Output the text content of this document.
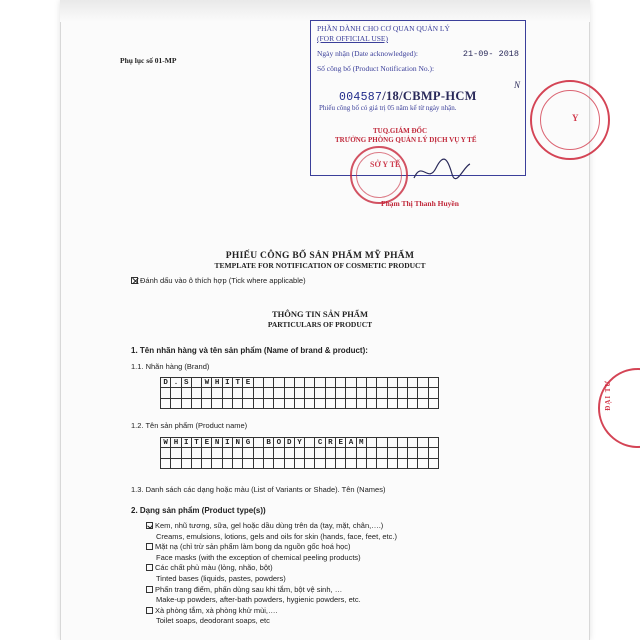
Phụ lục số 01-MP
PHẦN DÀNH CHO CƠ QUAN QUẢN LÝ
(FOR OFFICIAL USE)
Ngày nhận (Date acknowledged):	21-09- 2018
Số công bố (Product Notification No.):
004587/18/CBMP-HCM
Phiếu công bố có giá trị 05 năm kể từ ngày nhận.
TUQ.GIÁM ĐỐC
TRƯỞNG PHÒNG QUẢN LÝ DỊCH VỤ Y TẾ
Phạm Thị Thanh Huyền
SỞ Y TẾ
N
Y
ĐẠI TƯ
PHIẾU CÔNG BỐ SẢN PHẨM MỸ PHẨM
TEMPLATE FOR NOTIFICATION OF COSMETIC PRODUCT
Đánh dấu vào ô thích hợp (Tick where applicable)
THÔNG TIN SẢN PHẨM
PARTICULARS OF PRODUCT
1. Tên nhãn hàng và tên sản phẩm (Name of brand & product):
1.1. Nhãn hàng (Brand)
D . S	W H I T E
1.2. Tên sản phẩm (Product name)
W H I T E N I N G	B O D Y	C R E A M
1.3. Danh sách các dạng hoặc màu (List of Variants or Shade). Tên (Names)
2. Dạng sản phẩm (Product type(s))
Kem, nhũ tương, sữa, gel hoặc dầu dùng trên da (tay, mặt, chân,….)
Creams, emulsions, lotions, gels and oils for skin (hands, face, feet, etc.)
Mặt nạ (chỉ trừ sản phẩm làm bong da nguồn gốc hoá học)
Face masks (with the exception of chemical peeling products)
Các chất phủ màu (lỏng, nhão, bột)
Tinted bases (liquids, pastes, powders)
Phấn trang điểm, phấn dùng sau khi tắm, bột vệ sinh, …
Make-up powders, after-bath powders, hygienic powders, etc.
Xà phòng tắm, xà phòng khử mùi,….
Toilet soaps, deodorant soaps, etc
